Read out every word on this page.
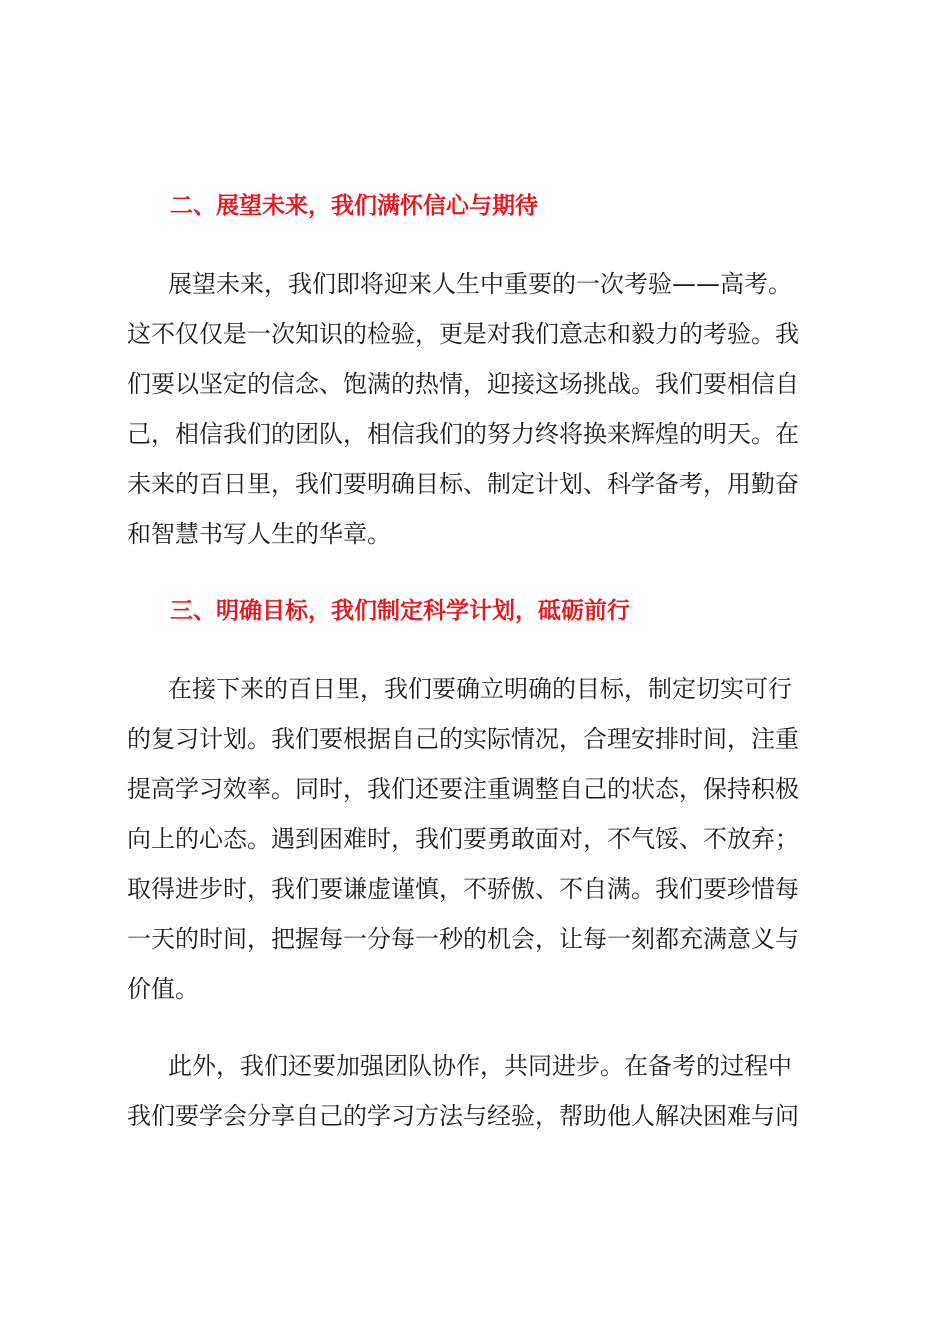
二、展望未来，我们满怀信心与期待
展望未来，我们即将迎来人生中重要的一次考验——高考。
这不仅仅是一次知识的检验，更是对我们意志和毅力的考验。我
们要以坚定的信念、饱满的热情，迎接这场挑战。我们要相信自
己，相信我们的团队，相信我们的努力终将换来辉煌的明天。在
未来的百日里，我们要明确目标、制定计划、科学备考，用勤奋
和智慧书写人生的华章。
三、明确目标，我们制定科学计划，砥砺前行
在接下来的百日里，我们要确立明确的目标，制定切实可行
的复习计划。我们要根据自己的实际情况，合理安排时间，注重
提高学习效率。同时，我们还要注重调整自己的状态，保持积极
向上的心态。遇到困难时，我们要勇敢面对，不气馁、不放弃；
取得进步时，我们要谦虚谨慎，不骄傲、不自满。我们要珍惜每
一天的时间，把握每一分每一秒的机会，让每一刻都充满意义与
价值。
此外，我们还要加强团队协作，共同进步。在备考的过程中
我们要学会分享自己的学习方法与经验，帮助他人解决困难与问
